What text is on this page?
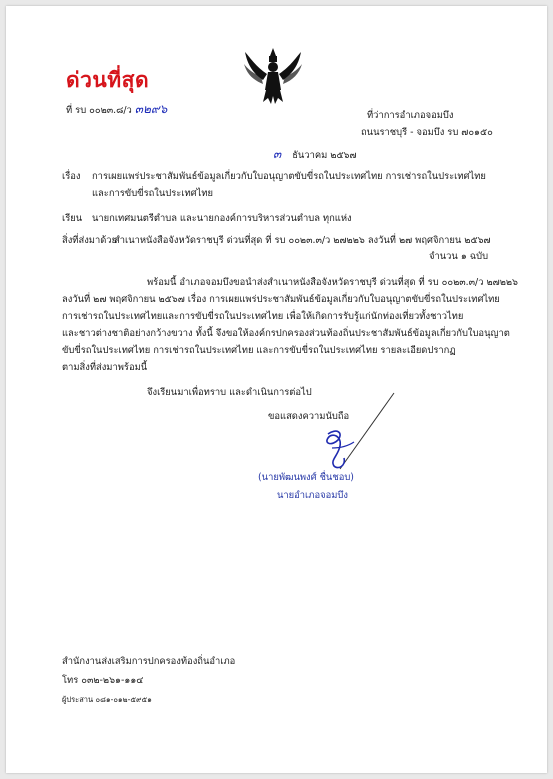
ด่วนที่สุด
ที่ รบ ๐๐๒๓.๘/ว ๓๒๙๖	ที่ว่าการอำเภอจอมบึง
ถนนราชบุรี - จอมบึง รบ ๗๐๑๕๐
๓ ธันวาคม ๒๕๖๗
เรื่อง การเผยแพร่ประชาสัมพันธ์ข้อมูลเกี่ยวกับใบอนุญาตขับขี่รถในประเทศไทย การเช่ารถในประเทศไทย
และการขับขี่รถในประเทศไทย
เรียน นายกเทศมนตรีตำบล และนายกองค์การบริหารส่วนตำบล ทุกแห่ง
สิ่งที่ส่งมาด้วย
สำเนาหนังสือจังหวัดราชบุรี ด่วนที่สุด ที่ รบ ๐๐๒๓.๓/ว ๒๗๒๒๖ ลงวันที่ ๒๗ พฤศจิกายน ๒๕๖๗
จำนวน ๑ ฉบับ
พร้อมนี้ อำเภอจอมบึงขอนำส่งสำเนาหนังสือจังหวัดราชบุรี ด่วนที่สุด ที่ รบ ๐๐๒๓.๓/ว ๒๗๒๒๖
ลงวันที่ ๒๗ พฤศจิกายน ๒๕๖๗ เรื่อง การเผยแพร่ประชาสัมพันธ์ข้อมูลเกี่ยวกับใบอนุญาตขับขี่รถในประเทศไทย
การเช่ารถในประเทศไทยและการขับขี่รถในประเทศไทย เพื่อให้เกิดการรับรู้แก่นักท่องเที่ยวทั้งชาวไทย
และชาวต่างชาติอย่างกว้างขวาง ทั้งนี้ จึงขอให้องค์กรปกครองส่วนท้องถิ่นประชาสัมพันธ์ข้อมูลเกี่ยวกับใบอนุญาต
ขับขี่รถในประเทศไทย การเช่ารถในประเทศไทย และการขับขี่รถในประเทศไทย รายละเอียดปรากฏ
ตามสิ่งที่ส่งมาพร้อมนี้
จึงเรียนมาเพื่อทราบ และดำเนินการต่อไป
ขอแสดงความนับถือ
(นายพัฒนพงศ์ ชื่นชอบ)
นายอำเภอจอมบึง
สำนักงานส่งเสริมการปกครองท้องถิ่นอำเภอ
โทร ๐๓๒-๒๖๑-๑๑๔
ผู้ประสาน ๐๘๑-๐๑๒-๕๙๕๑
